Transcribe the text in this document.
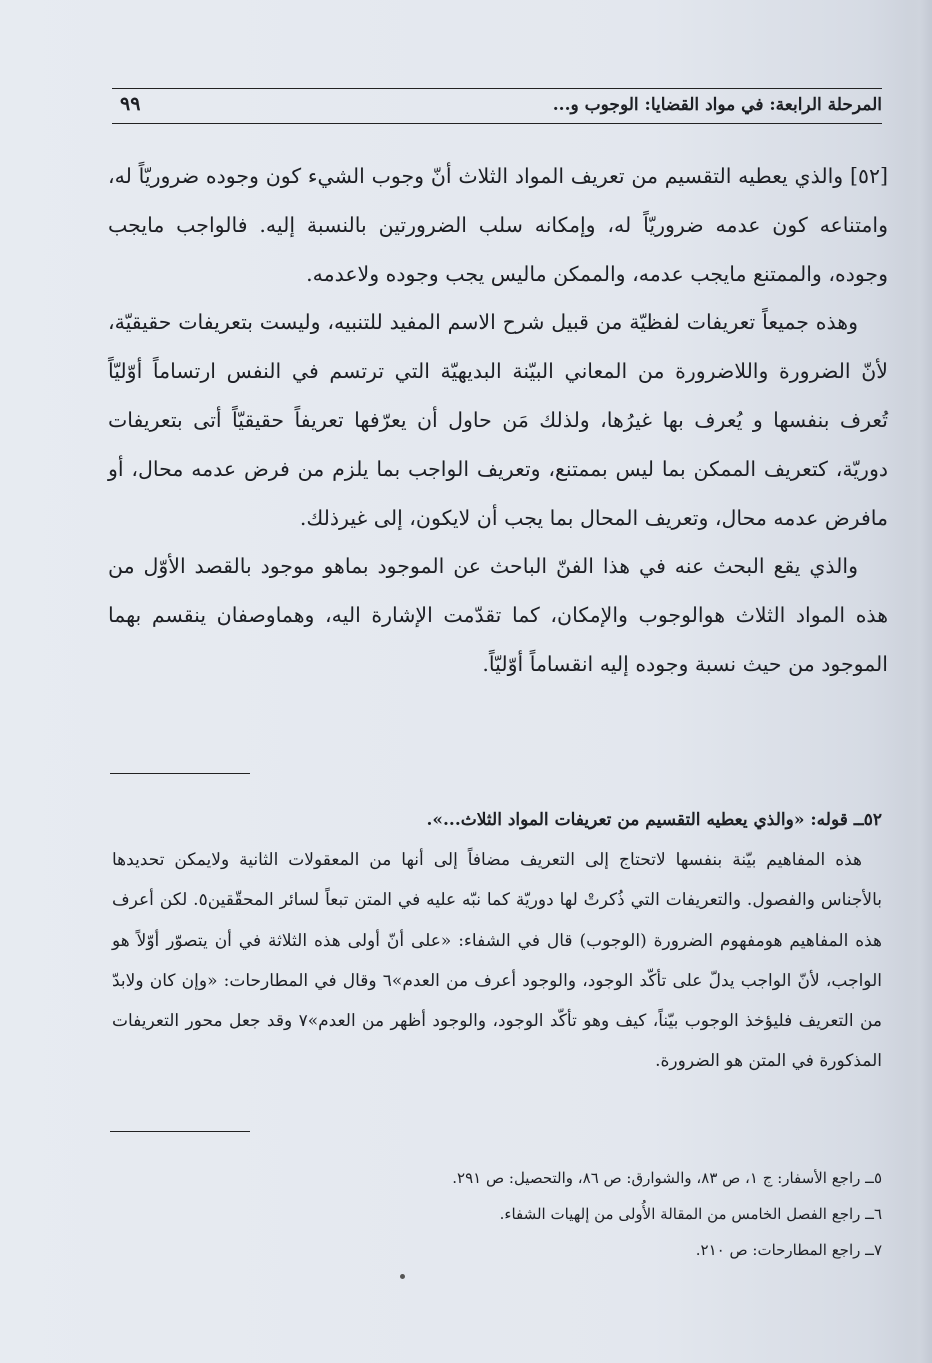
المرحلة الرابعة: في مواد القضايا: الوجوب و...
٩٩

[٥٢] والذي يعطيه التقسيم من تعريف المواد الثلاث أنّ وجوب الشيء كون وجوده ضروريّاً له، وامتناعه كون عدمه ضروريّاً له، وإمكانه سلب الضرورتين بالنسبة إليه. فالواجب مايجب وجوده، والممتنع مايجب عدمه، والممكن ماليس يجب وجوده ولاعدمه.

وهذه جميعاً تعريفات لفظيّة من قبيل شرح الاسم المفيد للتنبيه، وليست بتعريفات حقيقيّة، لأنّ الضرورة واللاضرورة من المعاني البيّنة البديهيّة التي ترتسم في النفس ارتساماً أوّليّاً تُعرف بنفسها و يُعرف بها غيرُها، ولذلك مَن حاول أن يعرّفها تعريفاً حقيقيّاً أتى بتعريفات دوريّة، كتعريف الممكن بما ليس بممتنع، وتعريف الواجب بما يلزم من فرض عدمه محال، أو مافرض عدمه محال، وتعريف المحال بما يجب أن لايكون، إلى غيرذلك.

والذي يقع البحث عنه في هذا الفنّ الباحث عن الموجود بماهو موجود بالقصد الأوّل من هذه المواد الثلاث هوالوجوب والإمكان، كما تقدّمت الإشارة اليه، وهماوصفان ينقسم بهما الموجود من حيث نسبة وجوده إليه انقساماً أوّليّاً.

٥٢ــ قوله: «والذي يعطيه التقسيم من تعريفات المواد الثلاث...».

هذه المفاهيم بيّنة بنفسها لاتحتاج إلى التعريف مضافاً إلى أنها من المعقولات الثانية ولايمكن تحديدها بالأجناس والفصول. والتعريفات التي ذُكرتْ لها دوريّة كما نبّه عليه في المتن تبعاً لسائر المحقّقين٥. لكن أعرف هذه المفاهيم هومفهوم الضرورة (الوجوب) قال في الشفاء: «على أنّ أولى هذه الثلاثة في أن يتصوّر أوّلاً هو الواجب، لأنّ الواجب يدلّ على تأكّد الوجود، والوجود أعرف من العدم»٦ وقال في المطارحات: «وإن كان ولابدّ من التعريف فليؤخذ الوجوب بيّناً، كيف وهو تأكّد الوجود، والوجود أظهر من العدم»٧ وقد جعل محور التعريفات المذكورة في المتن هو الضرورة.

٥ــ راجع الأسفار: ج ١، ص ٨٣، والشوارق: ص ٨٦، والتحصيل: ص ٢٩١.

٦ــ راجع الفصل الخامس من المقالة الأُولى من إلهيات الشفاء.

٧ــ راجع المطارحات: ص ٢١٠.
